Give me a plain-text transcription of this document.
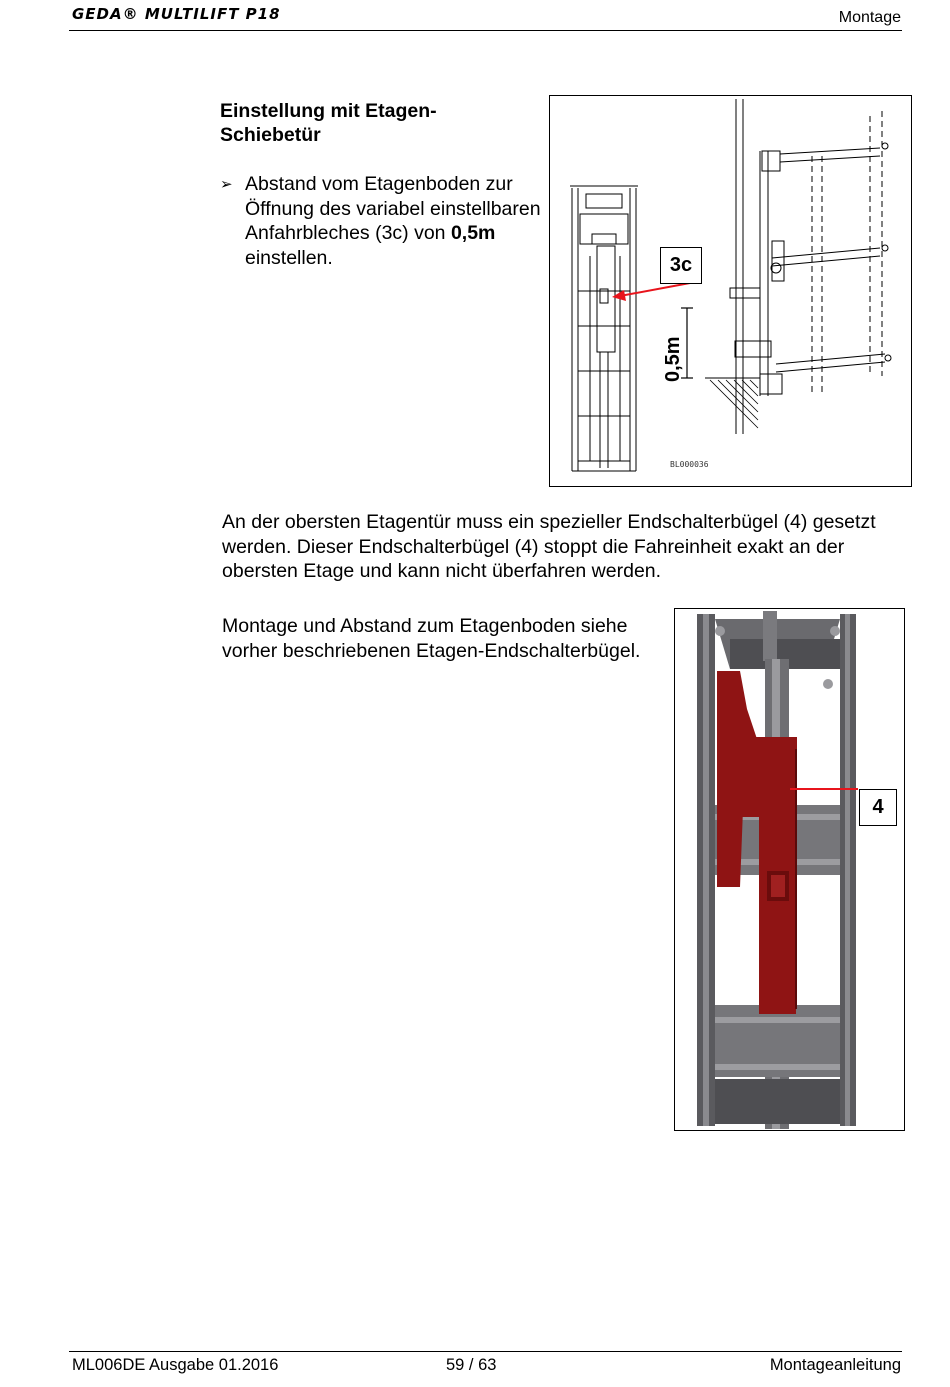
GEDA® MULTILIFT P18	Montage
Einstellung mit Etagen-Schiebetür
➢ Abstand vom Etagenboden zur Öffnung des variabel einstellbaren Anfahrbleches (3c) von 0,5m einstellen.	3c
0,5m
BL000036
An der obersten Etagentür muss ein spezieller Endschalterbügel (4) gesetzt werden. Dieser Endschalterbügel (4) stoppt die Fahreinheit exakt an der obersten Etage und kann nicht überfahren werden.
Montage und Abstand zum Etagenboden siehe vorher beschriebenen Etagen-Endschalterbügel.
4
ML006DE Ausgabe 01.2016	59 / 63	Montageanleitung
